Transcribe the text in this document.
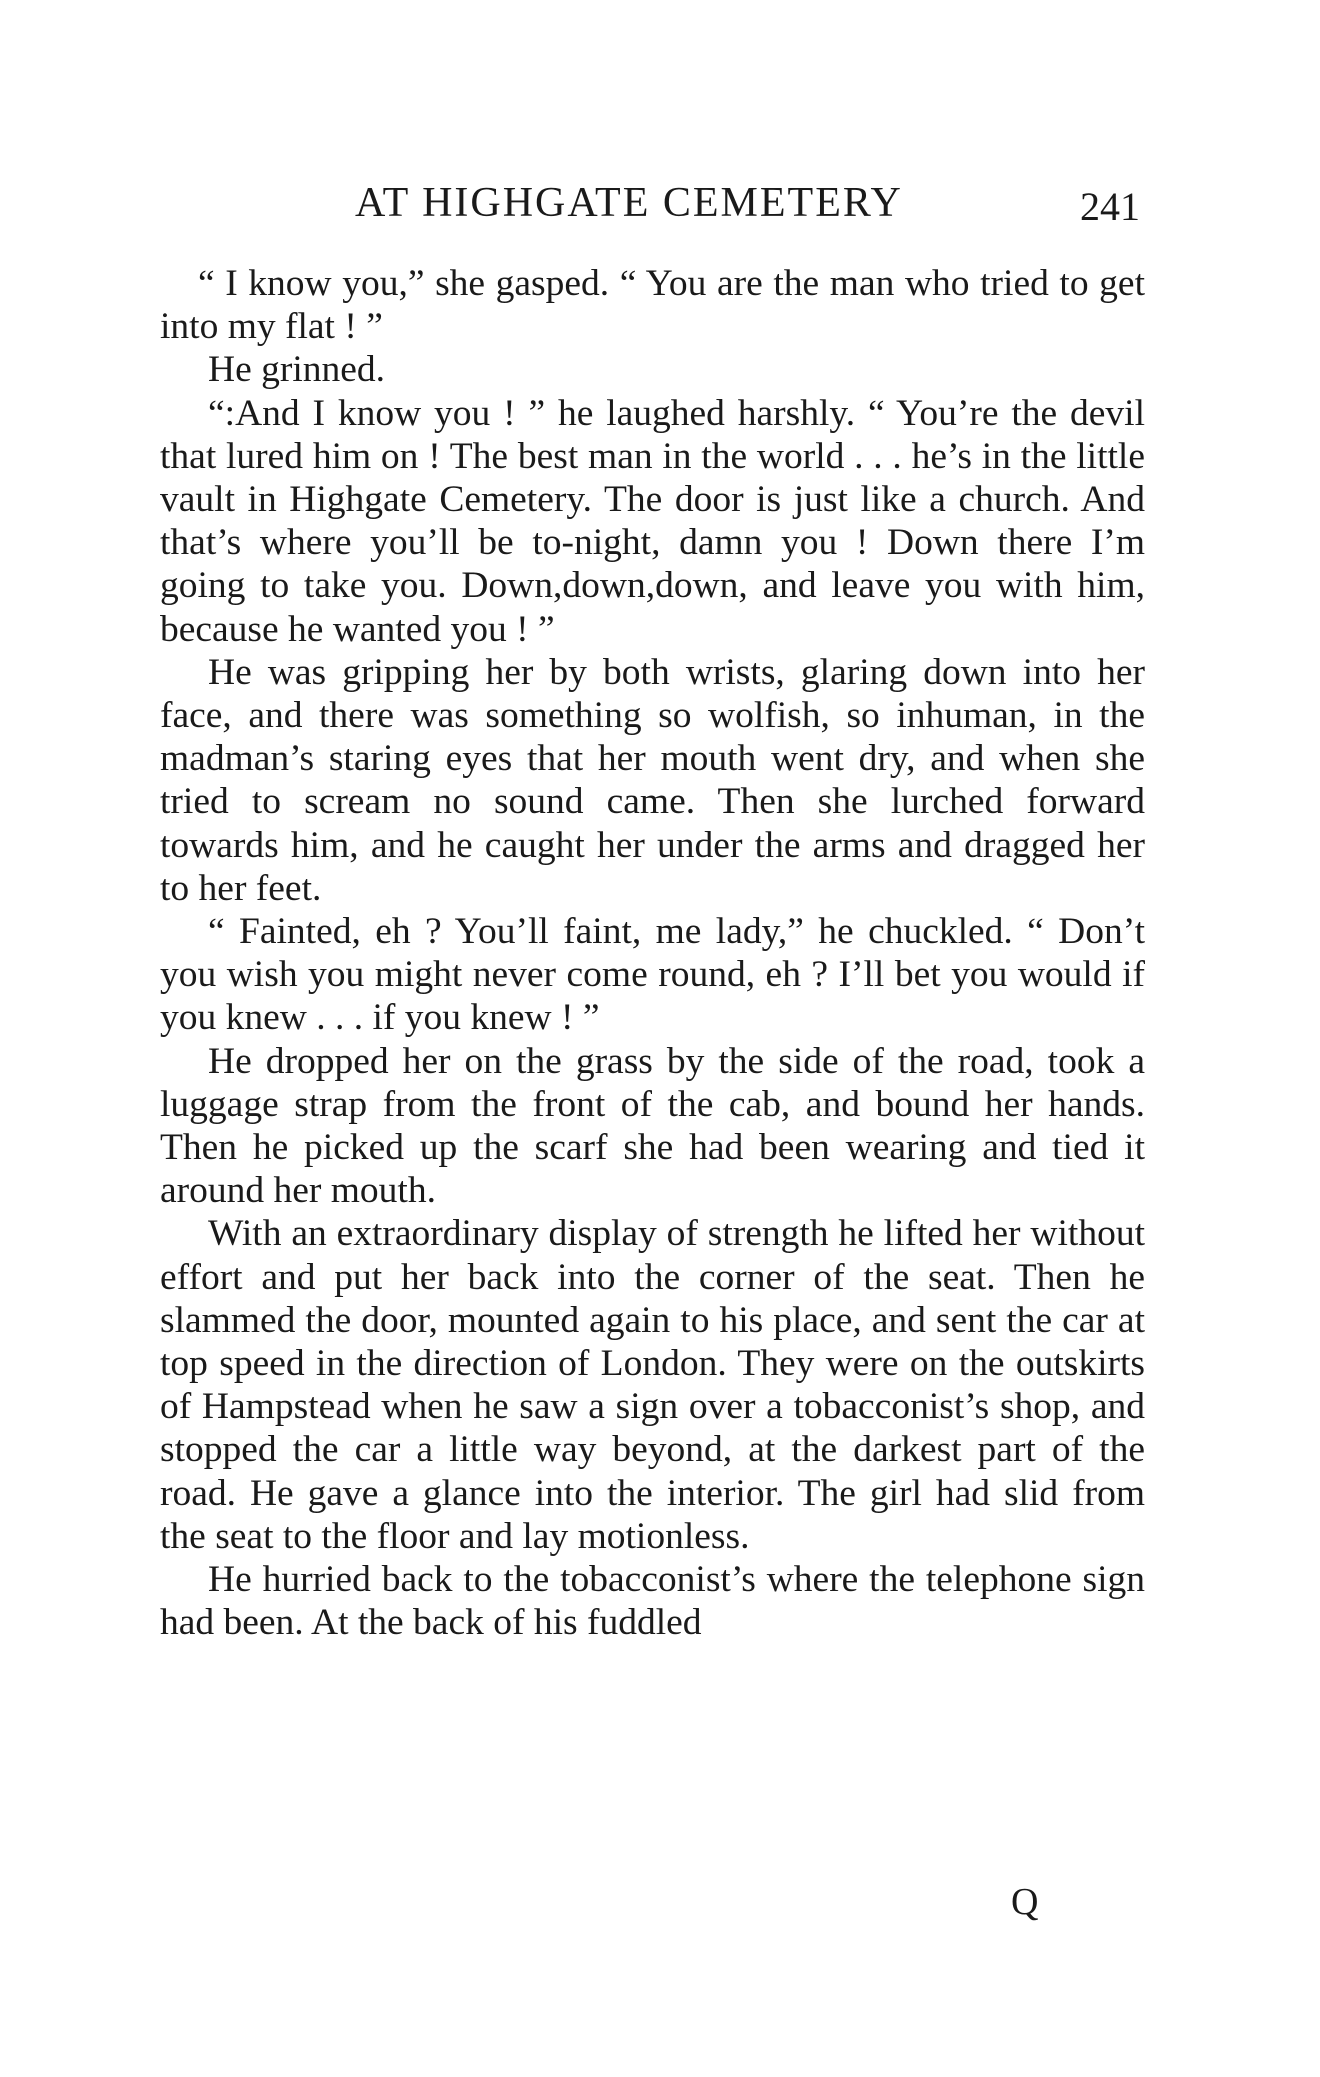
AT HIGHGATE CEMETERY	241

“ I know you,” she gasped. “ You are the man who tried to get into my flat ! ”

He grinned.

“:And I know you ! ” he laughed harshly. “ You’re the devil that lured him on ! The best man in the world . . . he’s in the little vault in Highgate Cemetery. The door is just like a church. And that’s where you’ll be to-night, damn you ! Down there I’m going to take you. Down,down,down, and leave you with him, because he wanted you ! ”

He was gripping her by both wrists, glaring down into her face, and there was something so wolfish, so inhuman, in the madman’s staring eyes that her mouth went dry, and when she tried to scream no sound came. Then she lurched forward towards him, and he caught her under the arms and dragged her to her feet.

“ Fainted, eh ? You’ll faint, me lady,” he chuckled. “ Don’t you wish you might never come round, eh ? I’ll bet you would if you knew . . . if you knew ! ”

He dropped her on the grass by the side of the road, took a luggage strap from the front of the cab, and bound her hands. Then he picked up the scarf she had been wearing and tied it around her mouth.

With an extraordinary display of strength he lifted her without effort and put her back into the corner of the seat. Then he slammed the door, mounted again to his place, and sent the car at top speed in the direction of London. They were on the outskirts of Hampstead when he saw a sign over a tobacconist’s shop, and stopped the car a little way beyond, at the darkest part of the road. He gave a glance into the interior. The girl had slid from the seat to the floor and lay motionless.

He hurried back to the tobacconist’s where the telephone sign had been. At the back of his fuddled

Q
